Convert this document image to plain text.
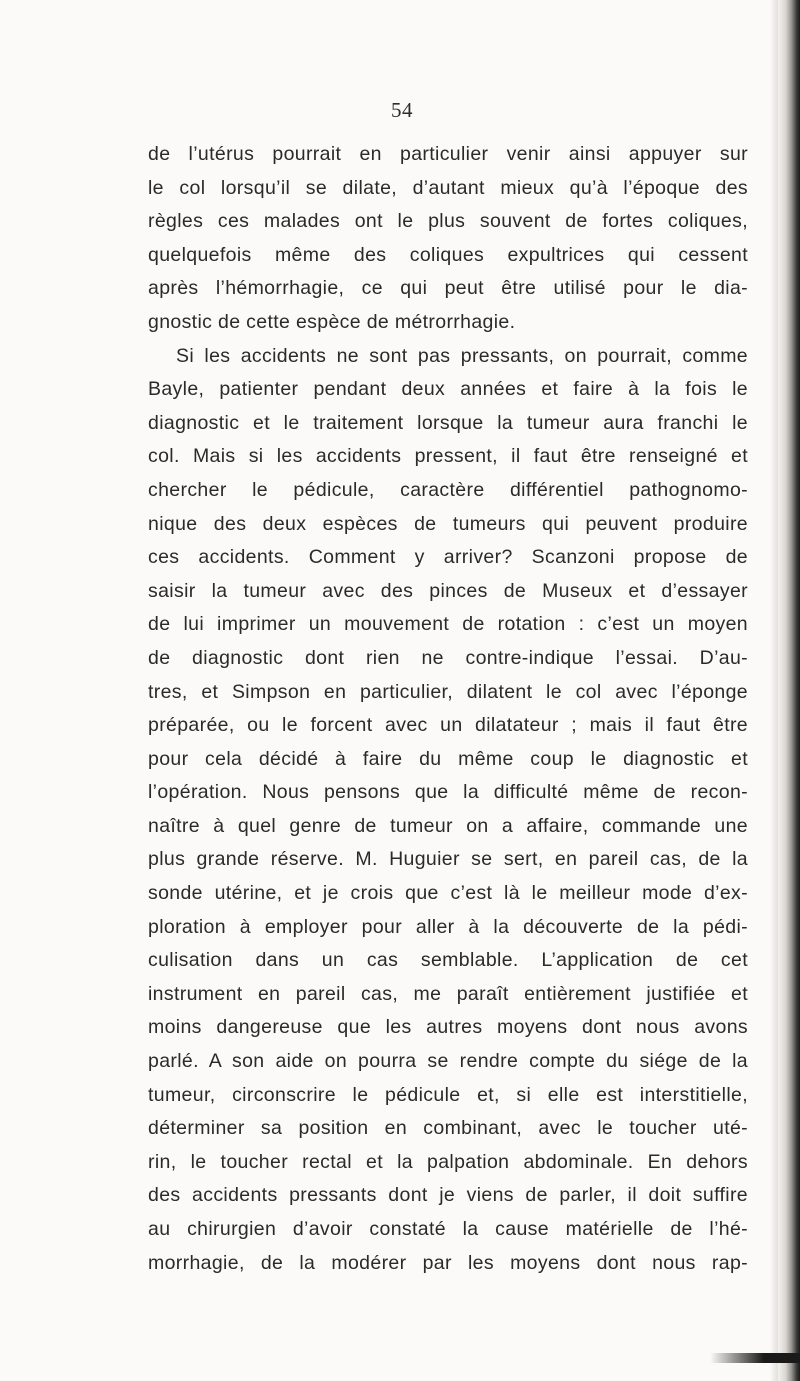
54
de l’utérus pourrait en particulier venir ainsi appuyer sur
le col lorsqu’il se dilate, d’autant mieux qu’à l’époque des
règles ces malades ont le plus souvent de fortes coliques,
quelquefois même des coliques expultrices qui cessent
après l’hémorrhagie, ce qui peut être utilisé pour le dia-
gnostic de cette espèce de métrorrhagie.
Si les accidents ne sont pas pressants, on pourrait, comme
Bayle, patienter pendant deux années et faire à la fois le
diagnostic et le traitement lorsque la tumeur aura franchi le
col. Mais si les accidents pressent, il faut être renseigné et
chercher le pédicule, caractère différentiel pathognomo-
nique des deux espèces de tumeurs qui peuvent produire
ces accidents. Comment y arriver? Scanzoni propose de
saisir la tumeur avec des pinces de Museux et d’essayer
de lui imprimer un mouvement de rotation : c’est un moyen
de diagnostic dont rien ne contre-indique l’essai. D’au-
tres, et Simpson en particulier, dilatent le col avec l’éponge
préparée, ou le forcent avec un dilatateur ; mais il faut être
pour cela décidé à faire du même coup le diagnostic et
l’opération. Nous pensons que la difficulté même de recon-
naître à quel genre de tumeur on a affaire, commande une
plus grande réserve. M. Huguier se sert, en pareil cas, de la
sonde utérine, et je crois que c’est là le meilleur mode d’ex-
ploration à employer pour aller à la découverte de la pédi-
culisation dans un cas semblable. L’application de cet
instrument en pareil cas, me paraît entièrement justifiée et
moins dangereuse que les autres moyens dont nous avons
parlé. A son aide on pourra se rendre compte du siége de la
tumeur, circonscrire le pédicule et, si elle est interstitielle,
déterminer sa position en combinant, avec le toucher uté-
rin, le toucher rectal et la palpation abdominale. En dehors
des accidents pressants dont je viens de parler, il doit suffire
au chirurgien d’avoir constaté la cause matérielle de l’hé-
morrhagie, de la modérer par les moyens dont nous rap-
